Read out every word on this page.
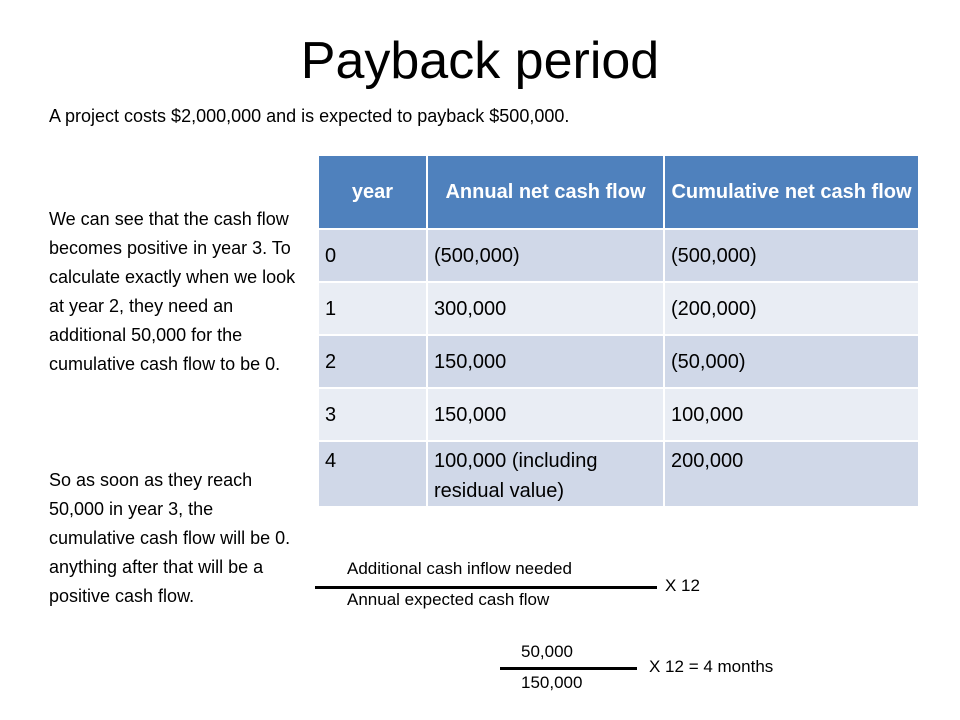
Payback period
A project costs $2,000,000 and is expected to payback $500,000.
We can see that the cash flow becomes positive in year 3. To calculate exactly when we look at year 2, they need an additional 50,000 for the cumulative cash flow to be 0.
So as soon as they reach 50,000 in year 3, the cumulative cash flow will be 0. anything after that will be a positive cash flow.
year	Annual net cash flow	Cumulative net cash flow
0	(500,000)	(500,000)
1	300,000	(200,000)
2	150,000	(50,000)
3	150,000	100,000
4	100,000 (including residual value)	200,000
Additional cash inflow needed
Annual expected cash flow
X 12
50,000
150,000
X 12 = 4 months
